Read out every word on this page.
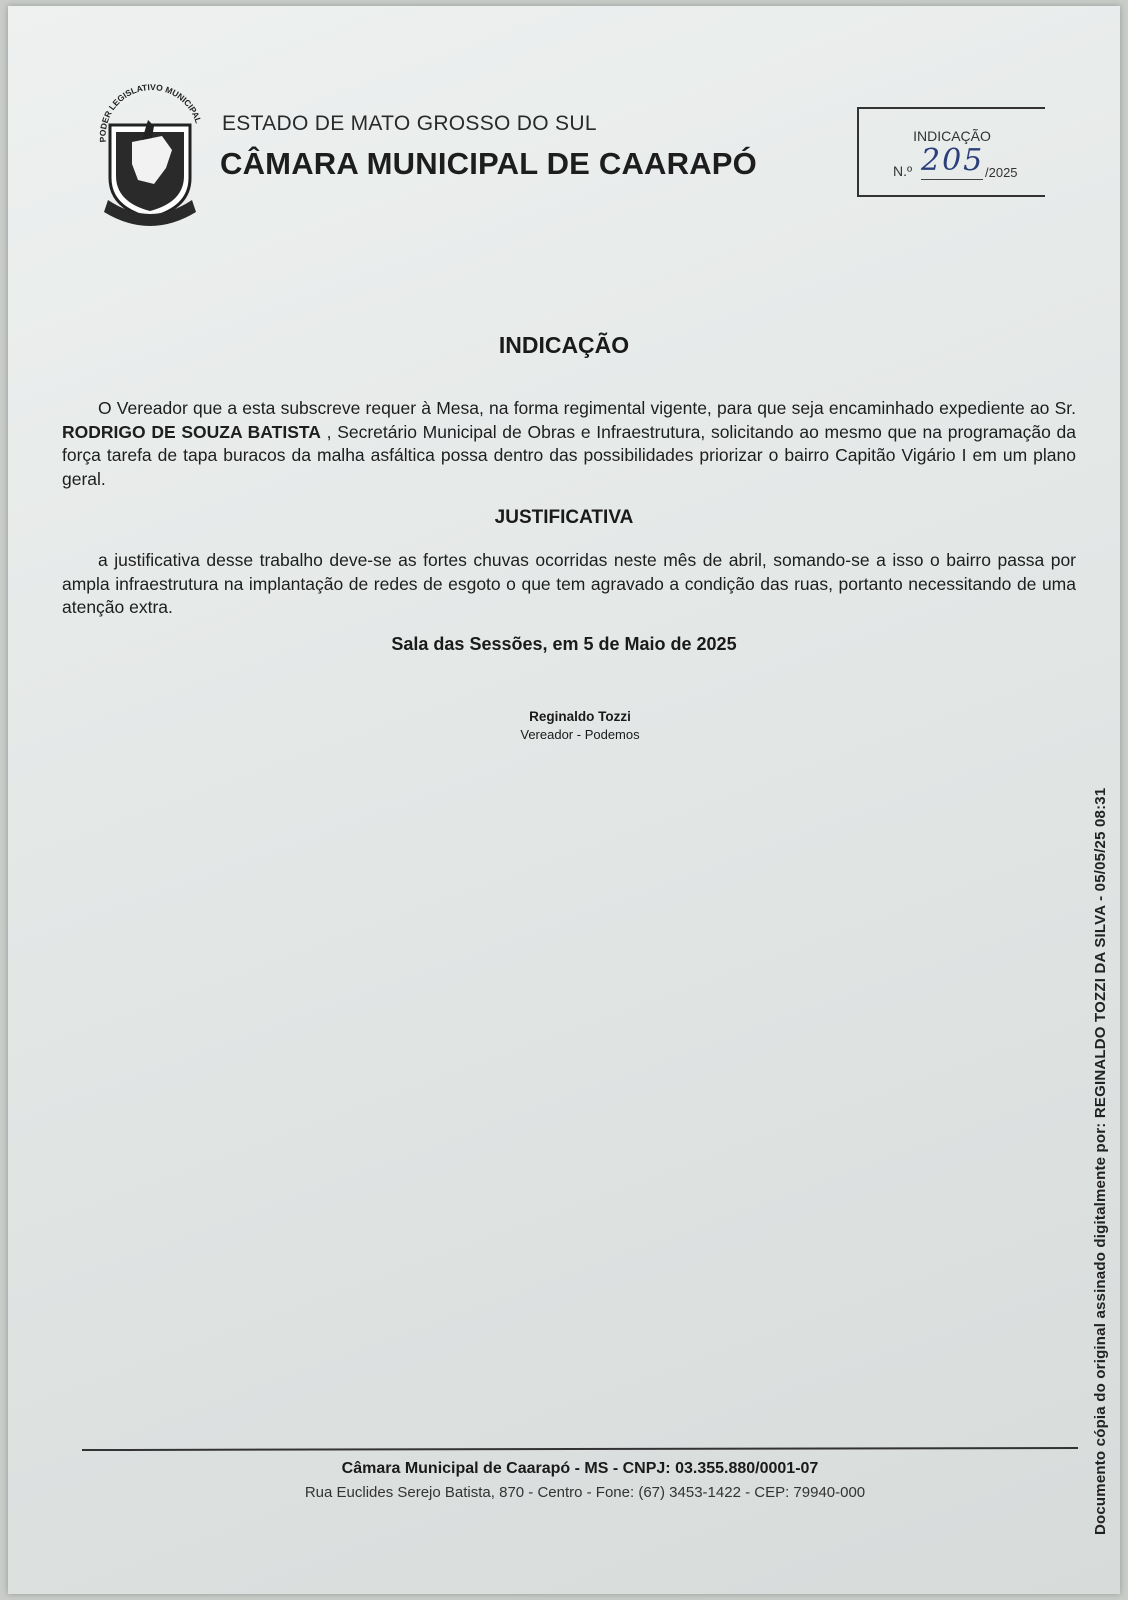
PODER LEGISLATIVO MUNICIPAL
• • • • • • •
ESTADO DE MATO GROSSO DO SUL
CÂMARA MUNICIPAL DE CAARAPÓ
INDICAÇÃO
N.º 205 /2025
INDICAÇÃO

O Vereador que a esta subscreve requer à Mesa, na forma regimental vigente, para que seja encaminhado expediente ao Sr. RODRIGO DE SOUZA BATISTA , Secretário Municipal de Obras e Infraestrutura, solicitando ao mesmo que na programação da força tarefa de tapa buracos da malha asfáltica possa dentro das possibilidades priorizar o bairro Capitão Vigário I em um plano geral.

JUSTIFICATIVA

a justificativa desse trabalho deve-se as fortes chuvas ocorridas neste mês de abril, somando-se a isso o bairro passa por ampla infraestrutura na implantação de redes de esgoto o que tem agravado a condição das ruas, portanto necessitando de uma atenção extra.

Sala das Sessões, em 5 de Maio de 2025
Reginaldo Tozzi
Vereador - Podemos
Documento cópia do original assinado digitalmente por: REGINALDO TOZZI DA SILVA - 05/05/25 08:31
Câmara Municipal de Caarapó - MS - CNPJ: 03.355.880/0001-07
Rua Euclides Serejo Batista, 870 - Centro - Fone: (67) 3453-1422 - CEP: 79940-000
